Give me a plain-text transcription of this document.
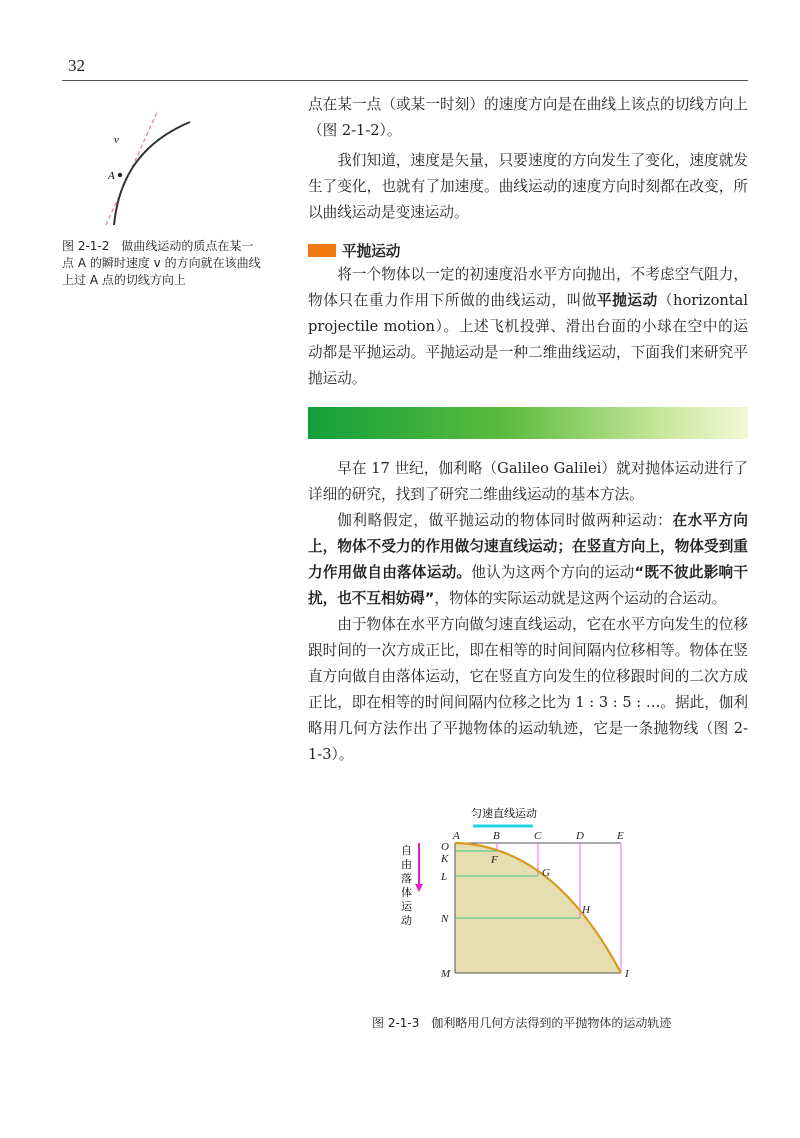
32
v
A
图 2-1-2　做曲线运动的质点在某一
点 A 的瞬时速度 v 的方向就在该曲线
上过 A 点的切线方向上

点在某一点（或某一时刻）的速度方向是在曲线上该点的切线方向上（图 2-1-2）。

我们知道，速度是矢量，只要速度的方向发生了变化，速度就发生了变化，也就有了加速度。曲线运动的速度方向时刻都在改变，所以曲线运动是变速运动。

平抛运动

将一个物体以一定的初速度沿水平方向抛出，不考虑空气阻力，物体只在重力作用下所做的曲线运动，叫做平抛运动（horizontal projectile motion）。上述飞机投弹、滑出台面的小球在空中的运动都是平抛运动。平抛运动是一种二维曲线运动，下面我们来研究平抛运动。

早在 17 世纪，伽利略（Galileo Galilei）就对抛体运动进行了详细的研究，找到了研究二维曲线运动的基本方法。

伽利略假定，做平抛运动的物体同时做两种运动：在水平方向上，物体不受力的作用做匀速直线运动；在竖直方向上，物体受到重力作用做自由落体运动。他认为这两个方向的运动“既不彼此影响干扰，也不互相妨碍”，物体的实际运动就是这两个运动的合运动。

由于物体在水平方向做匀速直线运动，它在水平方向发生的位移跟时间的一次方成正比，即在相等的时间间隔内位移相等。物体在竖直方向做自由落体运动，它在竖直方向发生的位移跟时间的二次方成正比，即在相等的时间间隔内位移之比为 1 : 3 : 5 : …。据此，伽利略用几何方法作出了平抛物体的运动轨迹，它是一条抛物线（图 2-1-3）。

匀速直线运动
自
由
落
体
运
动
A	B	C	D	E
O
K
L
N
M
F
G
H
I
图 2-1-3　伽利略用几何方法得到的平抛物体的运动轨迹
